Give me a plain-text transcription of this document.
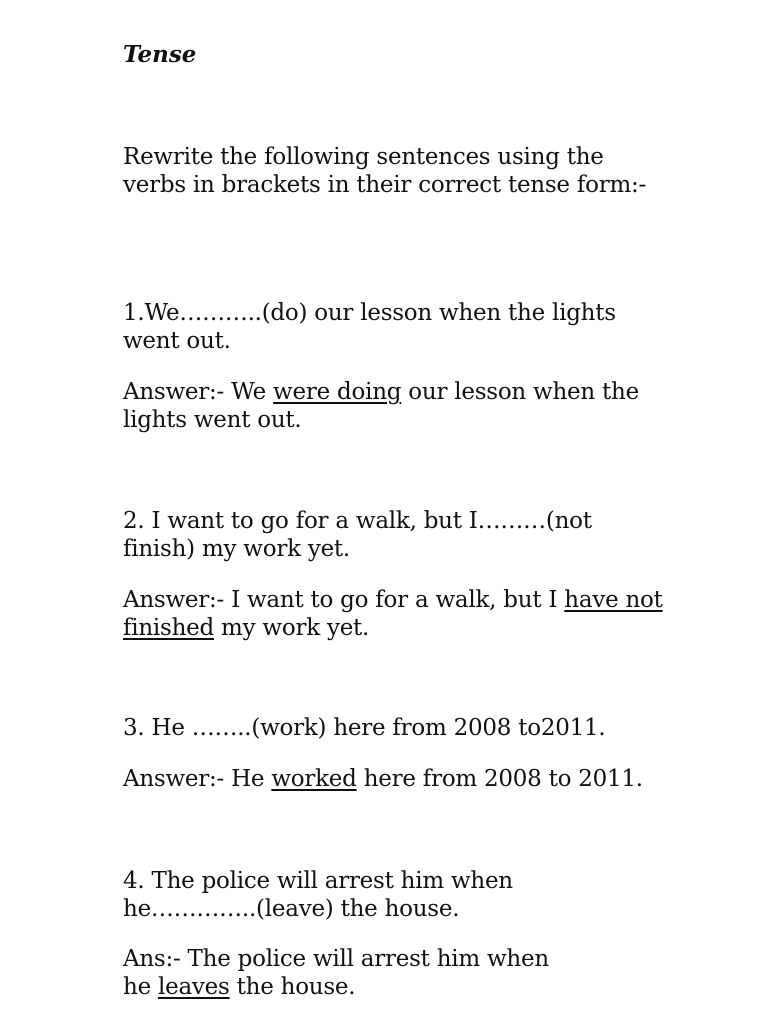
Tense

Rewrite the following sentences using the verbs in brackets in their correct tense form:-

1.We………..(do) our lesson when the lights went out.

Answer:- We were doing our lesson when the lights went out.

2. I want to go for a walk, but I………(not finish) my work yet.

Answer:- I want to go for a walk, but I have not finished my work yet.

3. He ……..(work) here from 2008 to2011.

Answer:- He worked here from 2008 to 2011.

4. The police will arrest him when he…………..(leave) the house.

Ans:- The police will arrest him when he leaves the house.
